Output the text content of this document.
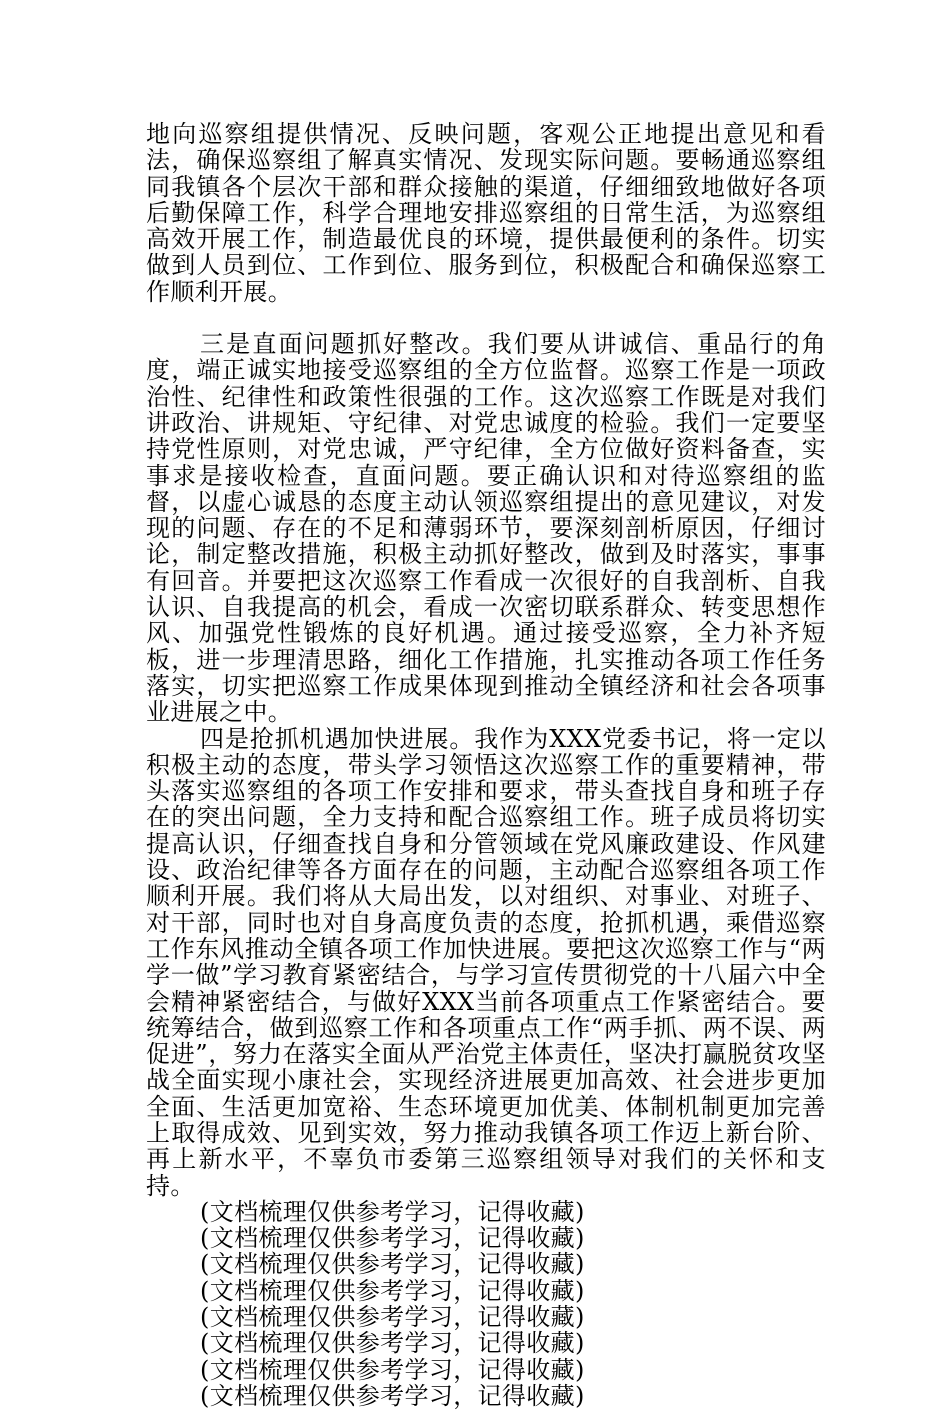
地向巡察组提供情况、反映问题，客观公正地提出意见和看法，确保巡察组了解真实情况、发现实际问题。要畅通巡察组同我镇各个层次干部和群众接触的渠道，仔细细致地做好各项后勤保障工作，科学合理地安排巡察组的日常生活，为巡察组高效开展工作，制造最优良的环境，提供最便利的条件。切实做到人员到位、工作到位、服务到位，积极配合和确保巡察工作顺利开展。

三是直面问题抓好整改。我们要从讲诚信、重品行的角度，端正诚实地接受巡察组的全方位监督。巡察工作是一项政治性、纪律性和政策性很强的工作。这次巡察工作既是对我们讲政治、讲规矩、守纪律、对党忠诚度的检验。我们一定要坚持党性原则，对党忠诚，严守纪律，全方位做好资料备查，实事求是接收检查，直面问题。要正确认识和对待巡察组的监督，以虚心诚恳的态度主动认领巡察组提出的意见建议，对发现的问题、存在的不足和薄弱环节，要深刻剖析原因，仔细讨论，制定整改措施，积极主动抓好整改，做到及时落实，事事有回音。并要把这次巡察工作看成一次很好的自我剖析、自我认识、自我提高的机会，看成一次密切联系群众、转变思想作风、加强党性锻炼的良好机遇。通过接受巡察，全力补齐短板，进一步理清思路，细化工作措施，扎实推动各项工作任务落实，切实把巡察工作成果体现到推动全镇经济和社会各项事业进展之中。

四是抢抓机遇加快进展。我作为XXX党委书记，将一定以积极主动的态度，带头学习领悟这次巡察工作的重要精神，带头落实巡察组的各项工作安排和要求，带头查找自身和班子存在的突出问题，全力支持和配合巡察组工作。班子成员将切实提高认识，仔细查找自身和分管领域在党风廉政建设、作风建设、政治纪律等各方面存在的问题，主动配合巡察组各项工作顺利开展。我们将从大局出发，以对组织、对事业、对班子、对干部，同时也对自身高度负责的态度，抢抓机遇，乘借巡察工作东风推动全镇各项工作加快进展。要把这次巡察工作与“两学一做”学习教育紧密结合，与学习宣传贯彻党的十八届六中全会精神紧密结合，与做好XXX当前各项重点工作紧密结合。要统筹结合，做到巡察工作和各项重点工作“两手抓、两不误、两促进”，努力在落实全面从严治党主体责任，坚决打赢脱贫攻坚战全面实现小康社会，实现经济进展更加高效、社会进步更加全面、生活更加宽裕、生态环境更加优美、体制机制更加完善上取得成效、见到实效，努力推动我镇各项工作迈上新台阶、再上新水平，不辜负市委第三巡察组领导对我们的关怀和支持。

(文档梳理仅供参考学习，记得收藏)

(文档梳理仅供参考学习，记得收藏)

(文档梳理仅供参考学习，记得收藏)

(文档梳理仅供参考学习，记得收藏)

(文档梳理仅供参考学习，记得收藏)

(文档梳理仅供参考学习，记得收藏)

(文档梳理仅供参考学习，记得收藏)

(文档梳理仅供参考学习，记得收藏)
